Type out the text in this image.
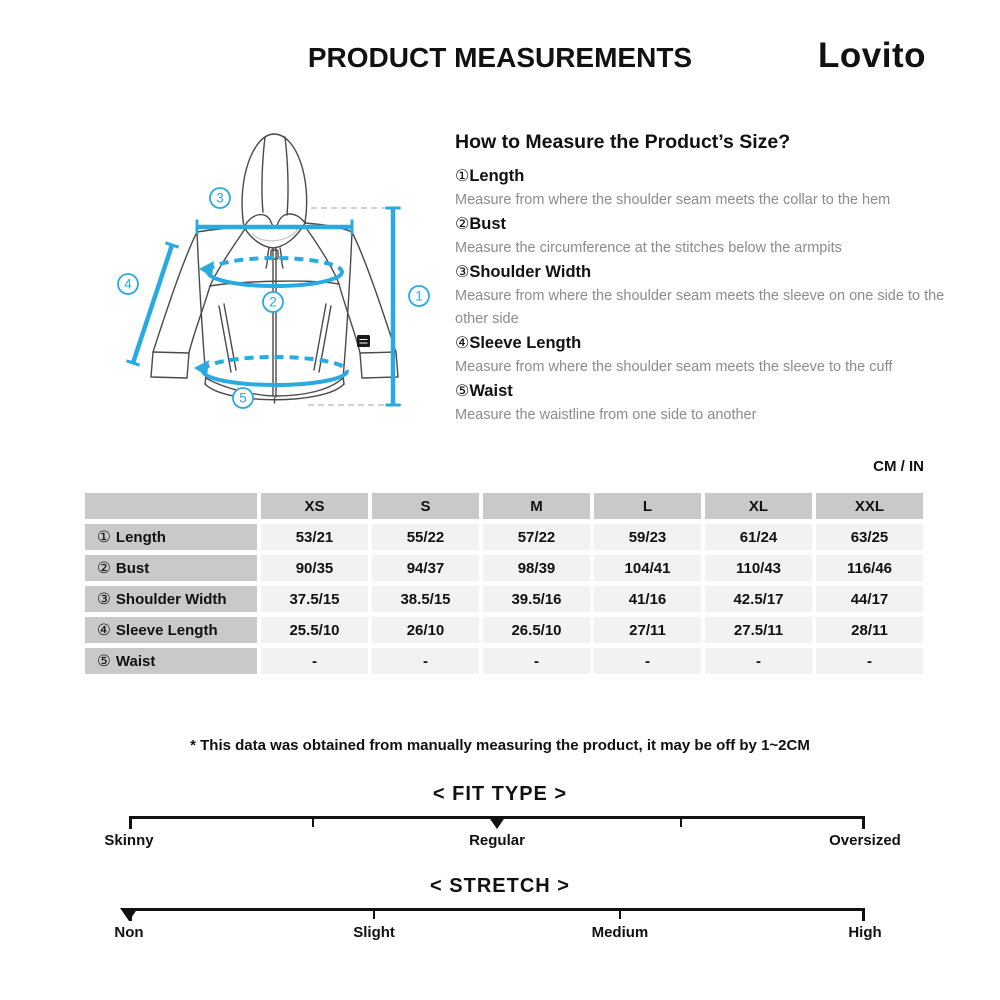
PRODUCT MEASUREMENTS	Lovito
3
4
1
2
5
How to Measure the Product’s Size?
①Length

Measure from where the shoulder seam meets the collar to the hem

②Bust

Measure the circumference at the stitches below the armpits

③Shoulder Width

Measure from where the shoulder seam meets the sleeve on one side to the other side

④Sleeve Length

Measure from where the shoulder seam meets the sleeve to the cuff

⑤Waist

Measure the waistline from one side to another

CM / IN
	XS	S	M	L	XL	XXL
① Length	53/21	55/22	57/22	59/23	61/24	63/25
② Bust	90/35	94/37	98/39	104/41	110/43	116/46
③ Shoulder Width	37.5/15	38.5/15	39.5/16	41/16	42.5/17	44/17
④ Sleeve Length	25.5/10	26/10	26.5/10	27/11	27.5/11	28/11
⑤ Waist	-	-	-	-	-	-

* This data was obtained from manually measuring the product, it may be off by 1~2CM

< FIT TYPE >
Skinny	Regular	Oversized
< STRETCH >
Non	Slight	Medium	High
